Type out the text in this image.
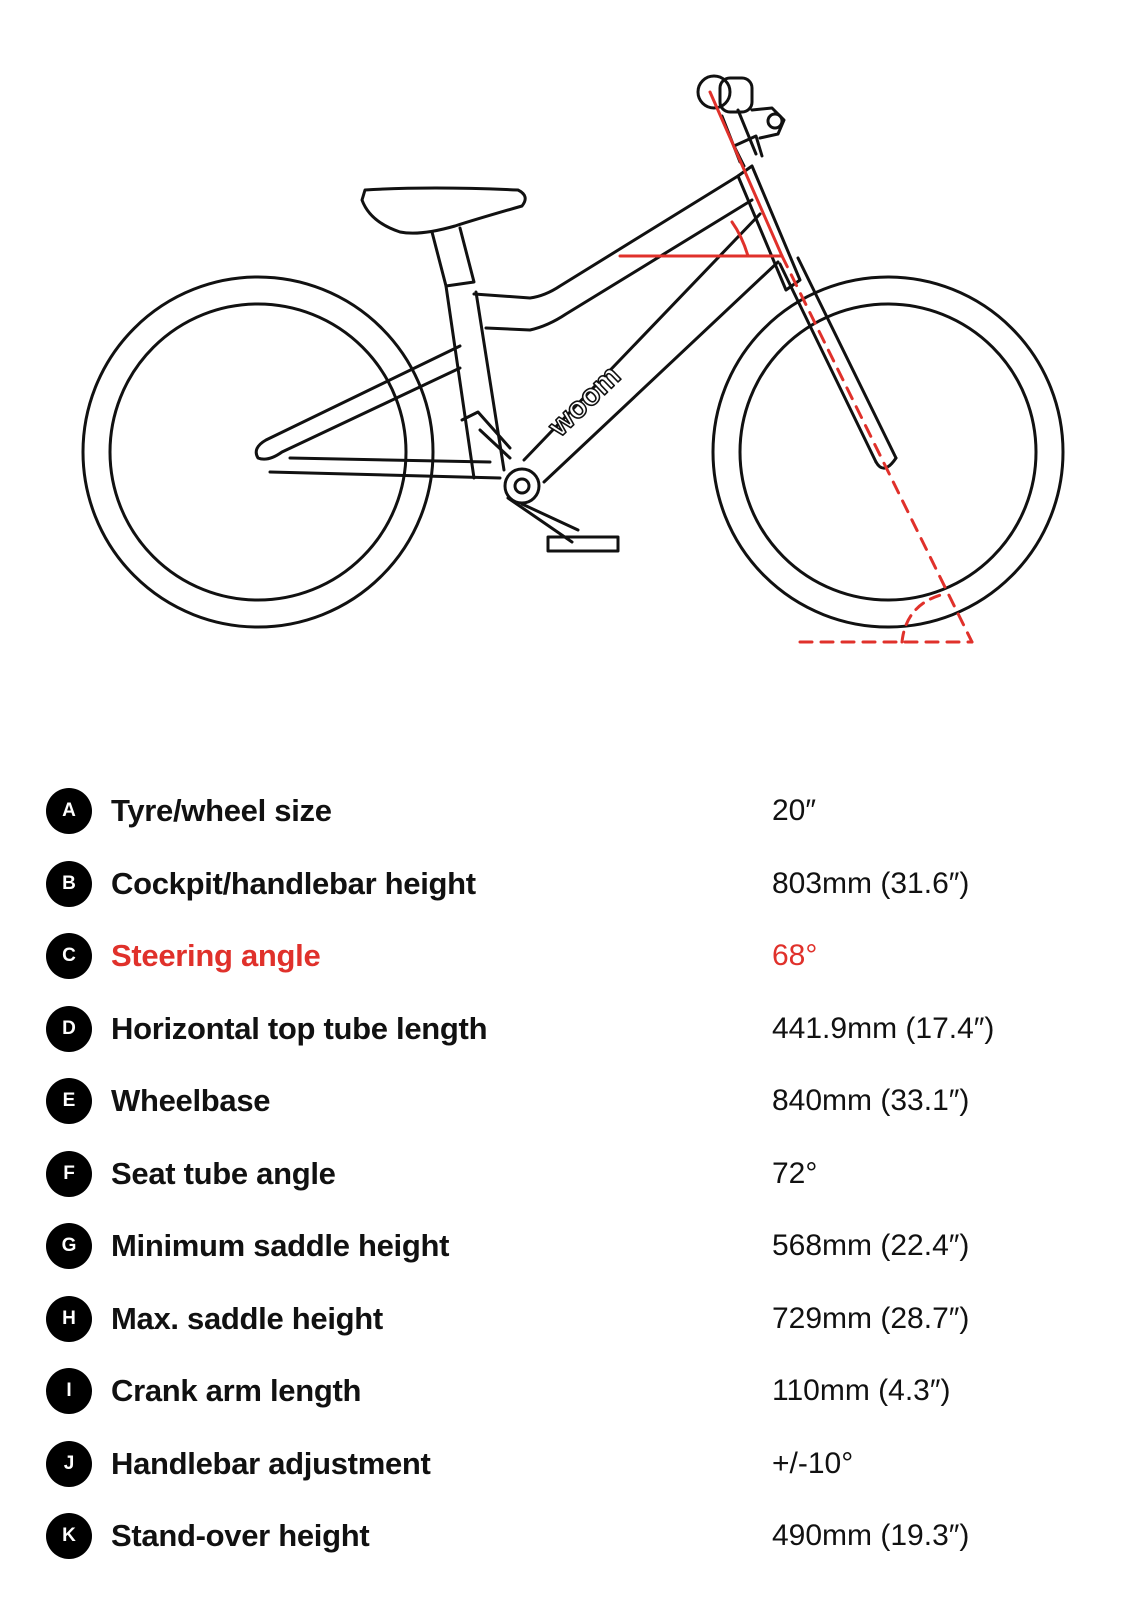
woom
A	Tyre/wheel size	20″
B	Cockpit/handlebar height	803mm (31.6″)
C	Steering angle	68°
D	Horizontal top tube length	441.9mm (17.4″)
E	Wheelbase	840mm (33.1″)
F	Seat tube angle	72°
G	Minimum saddle height	568mm (22.4″)
H	Max. saddle height	729mm (28.7″)
I	Crank arm length	110mm (4.3″)
J	Handlebar adjustment	+/-10°
K	Stand-over height	490mm (19.3″)
